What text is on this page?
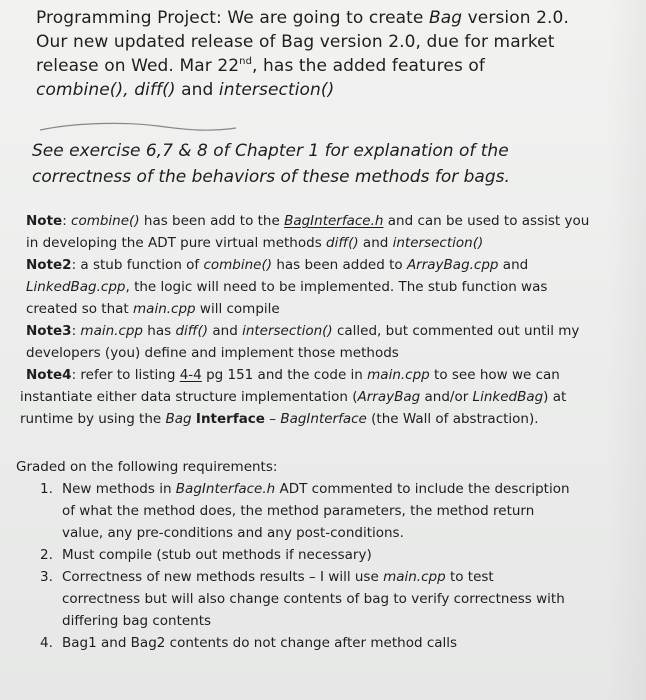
Programming Project: We are going to create Bag version 2.0.
Our new updated release of Bag version 2.0, due for market
release on Wed. Mar 22nd, has the added features of
combine(), diff() and intersection()
See exercise 6,7 & 8 of Chapter 1 for explanation of the
correctness of the behaviors of these methods for bags.
Note: combine() has been add to the BagInterface.h and can be used to assist you
in developing the ADT pure virtual methods diff() and intersection()
Note2: a stub function of combine() has been added to ArrayBag.cpp and
LinkedBag.cpp, the logic will need to be implemented. The stub function was
created so that main.cpp will compile
Note3: main.cpp has diff() and intersection() called, but commented out until my
developers (you) define and implement those methods
Note4: refer to listing 4-4 pg 151 and the code in main.cpp to see how we can
instantiate either data structure implementation (ArrayBag and/or LinkedBag) at
runtime by using the Bag Interface – BagInterface (the Wall of abstraction).
Graded on the following requirements:
1. New methods in BagInterface.h ADT commented to include the description
of what the method does, the method parameters, the method return
value, any pre-conditions and any post-conditions.
2. Must compile (stub out methods if necessary)
3. Correctness of new methods results – I will use main.cpp to test
correctness but will also change contents of bag to verify correctness with
differing bag contents
4. Bag1 and Bag2 contents do not change after method calls
